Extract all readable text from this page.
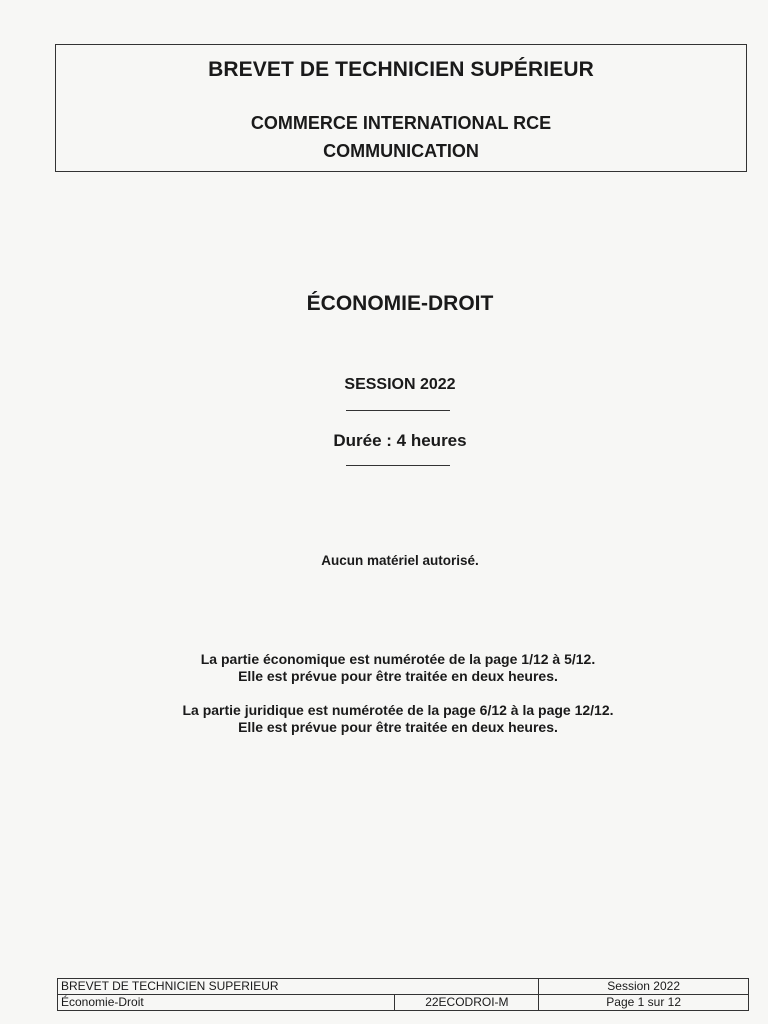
BREVET DE TECHNICIEN SUPÉRIEUR
COMMERCE INTERNATIONAL RCE
COMMUNICATION
ÉCONOMIE-DROIT
SESSION 2022
Durée : 4 heures
Aucun matériel autorisé.
La partie économique est numérotée de la page 1/12 à 5/12.
Elle est prévue pour être traitée en deux heures.
La partie juridique est numérotée de la page 6/12 à la page 12/12.
Elle est prévue pour être traitée en deux heures.
BREVET DE TECHNICIEN SUPERIEUR		Session 2022
Économie-Droit	22ECODROI-M	Page 1 sur 12
